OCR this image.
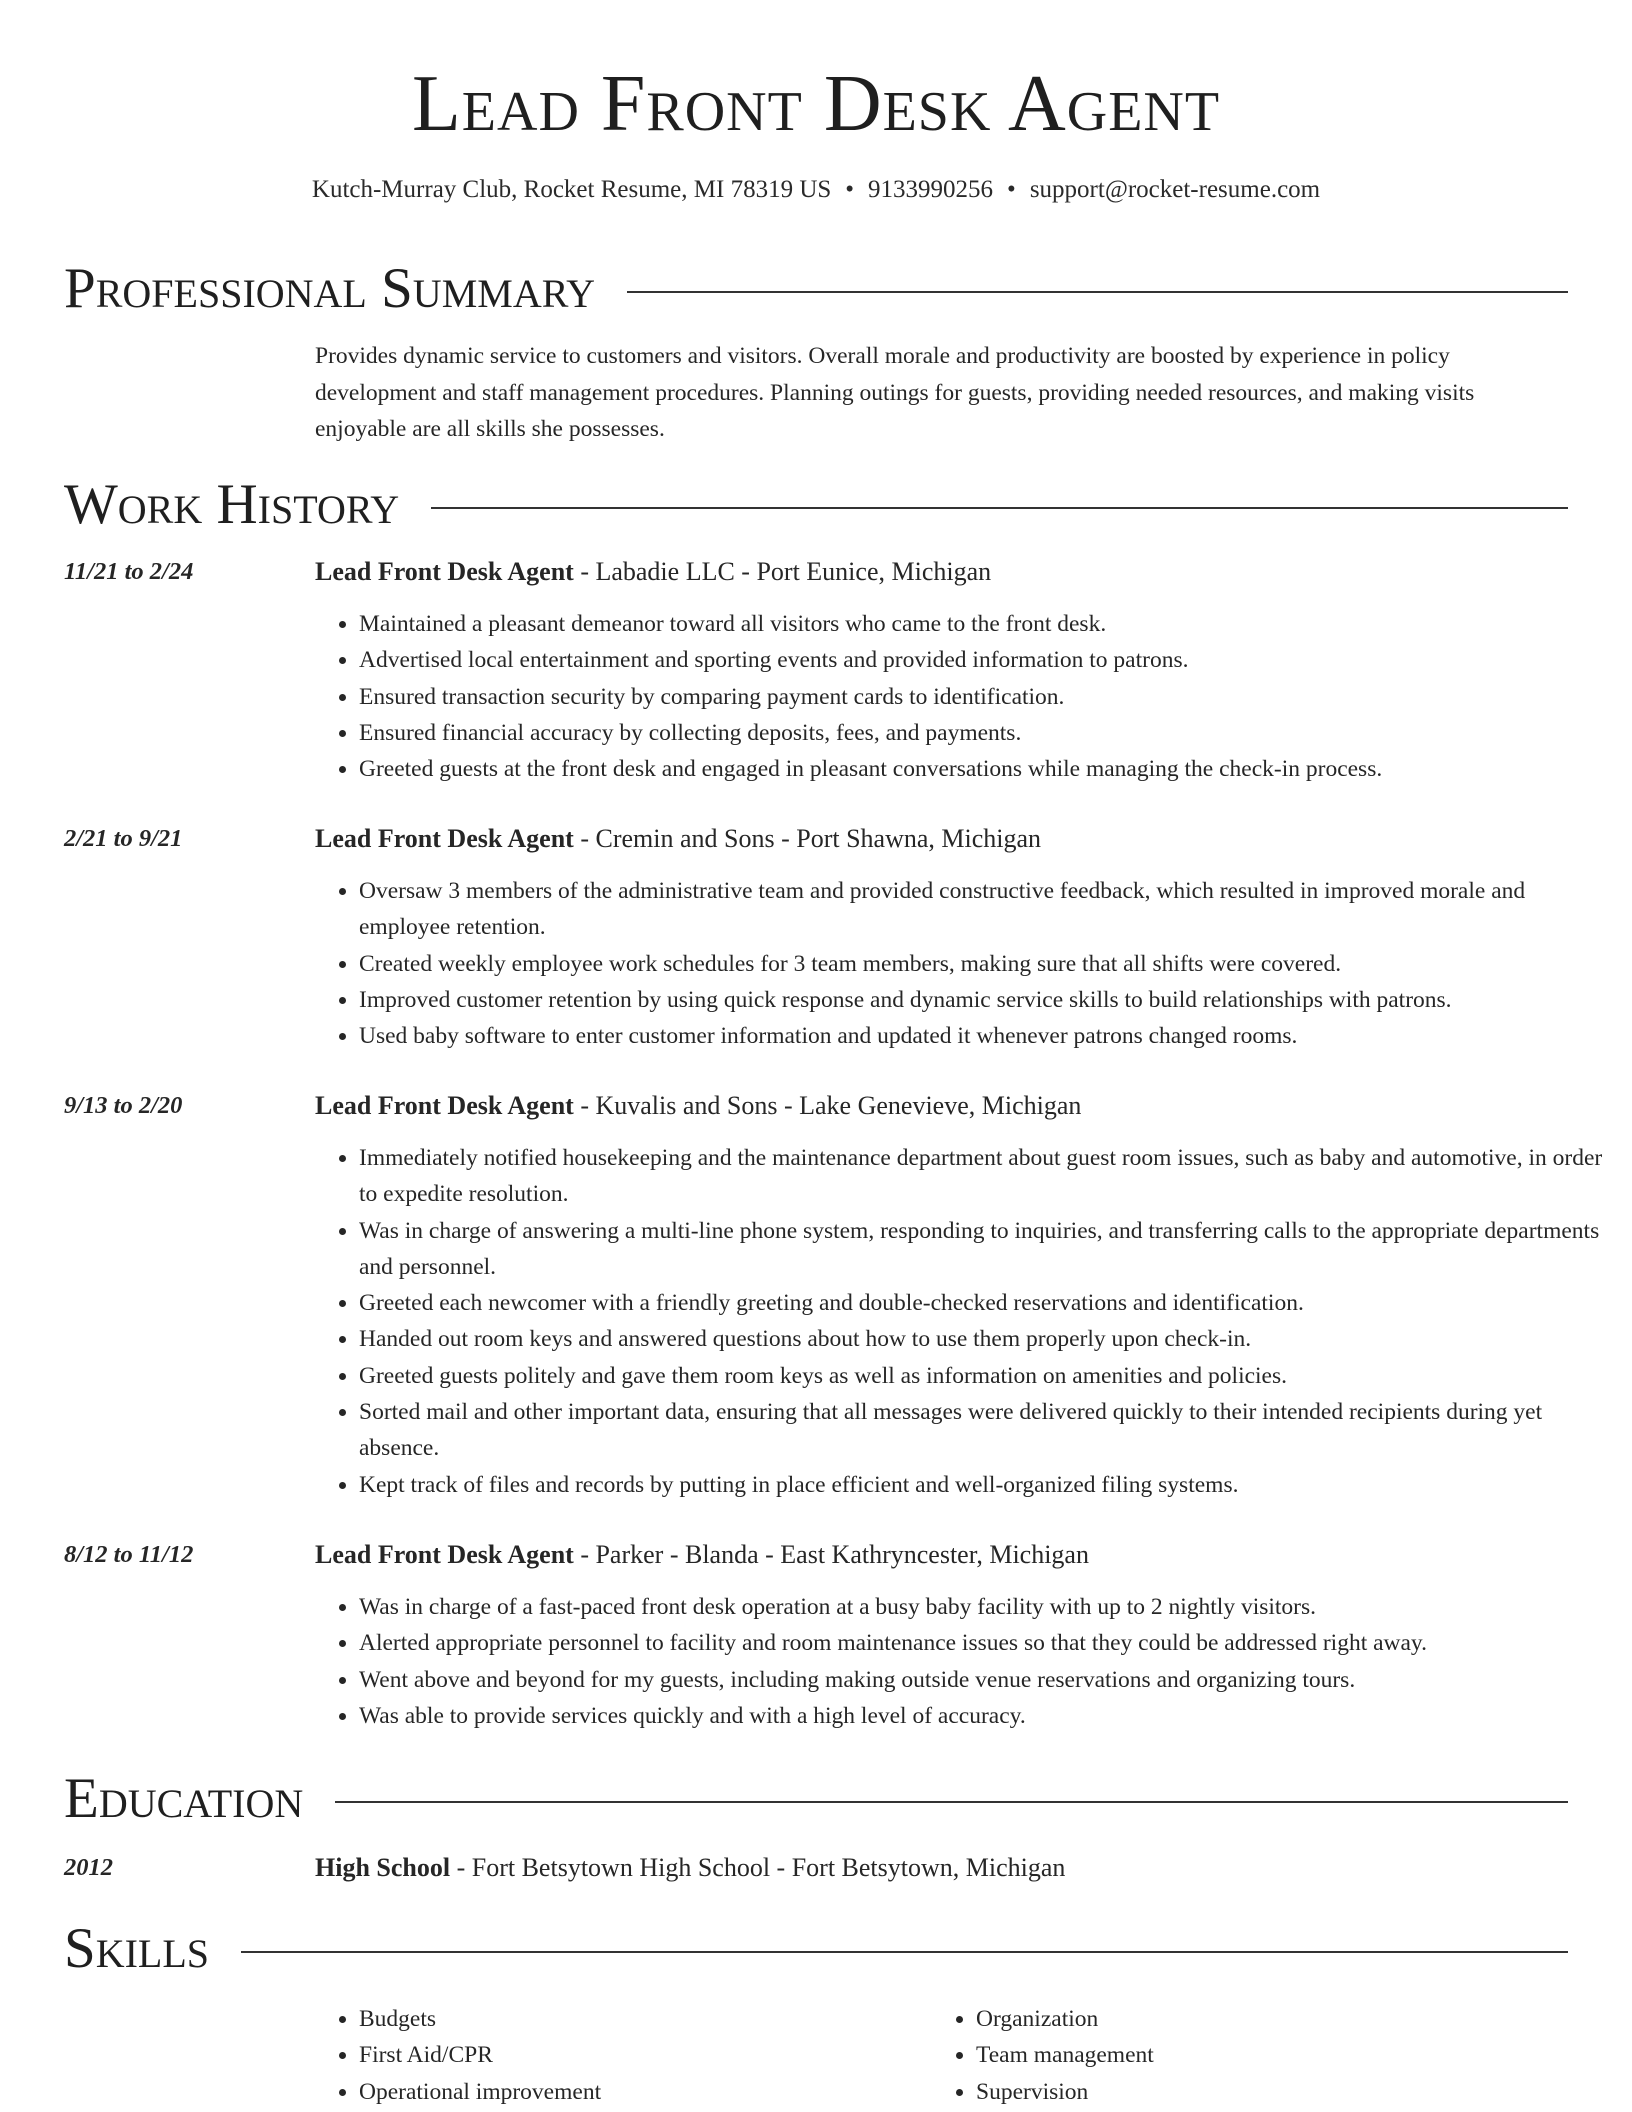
Lead Front Desk Agent
Kutch-Murray Club, Rocket Resume, MI 78319 US • 9133990256 • support@rocket-resume.com
Professional Summary
Provides dynamic service to customers and visitors. Overall morale and productivity are boosted by experience in policy development and staff management procedures. Planning outings for guests, providing needed resources, and making visits enjoyable are all skills she possesses.
Work History
11/21 to 2/24	Lead Front Desk Agent - Labadie LLC - Port Eunice, Michigan
• Maintained a pleasant demeanor toward all visitors who came to the front desk.
• Advertised local entertainment and sporting events and provided information to patrons.
• Ensured transaction security by comparing payment cards to identification.
• Ensured financial accuracy by collecting deposits, fees, and payments.
• Greeted guests at the front desk and engaged in pleasant conversations while managing the check-in process.
2/21 to 9/21	Lead Front Desk Agent - Cremin and Sons - Port Shawna, Michigan
• Oversaw 3 members of the administrative team and provided constructive feedback, which resulted in improved morale and employee retention.
• Created weekly employee work schedules for 3 team members, making sure that all shifts were covered.
• Improved customer retention by using quick response and dynamic service skills to build relationships with patrons.
• Used baby software to enter customer information and updated it whenever patrons changed rooms.
9/13 to 2/20	Lead Front Desk Agent - Kuvalis and Sons - Lake Genevieve, Michigan
• Immediately notified housekeeping and the maintenance department about guest room issues, such as baby and automotive, in order to expedite resolution.
• Was in charge of answering a multi-line phone system, responding to inquiries, and transferring calls to the appropriate departments and personnel.
• Greeted each newcomer with a friendly greeting and double-checked reservations and identification.
• Handed out room keys and answered questions about how to use them properly upon check-in.
• Greeted guests politely and gave them room keys as well as information on amenities and policies.
• Sorted mail and other important data, ensuring that all messages were delivered quickly to their intended recipients during yet absence.
• Kept track of files and records by putting in place efficient and well-organized filing systems.
8/12 to 11/12	Lead Front Desk Agent - Parker - Blanda - East Kathryncester, Michigan
• Was in charge of a fast-paced front desk operation at a busy baby facility with up to 2 nightly visitors.
• Alerted appropriate personnel to facility and room maintenance issues so that they could be addressed right away.
• Went above and beyond for my guests, including making outside venue reservations and organizing tours.
• Was able to provide services quickly and with a high level of accuracy.
Education
2012	High School - Fort Betsytown High School - Fort Betsytown, Michigan
Skills
• Budgets
• First Aid/CPR
• Operational improvement
• Organization
• Team management
• Supervision
